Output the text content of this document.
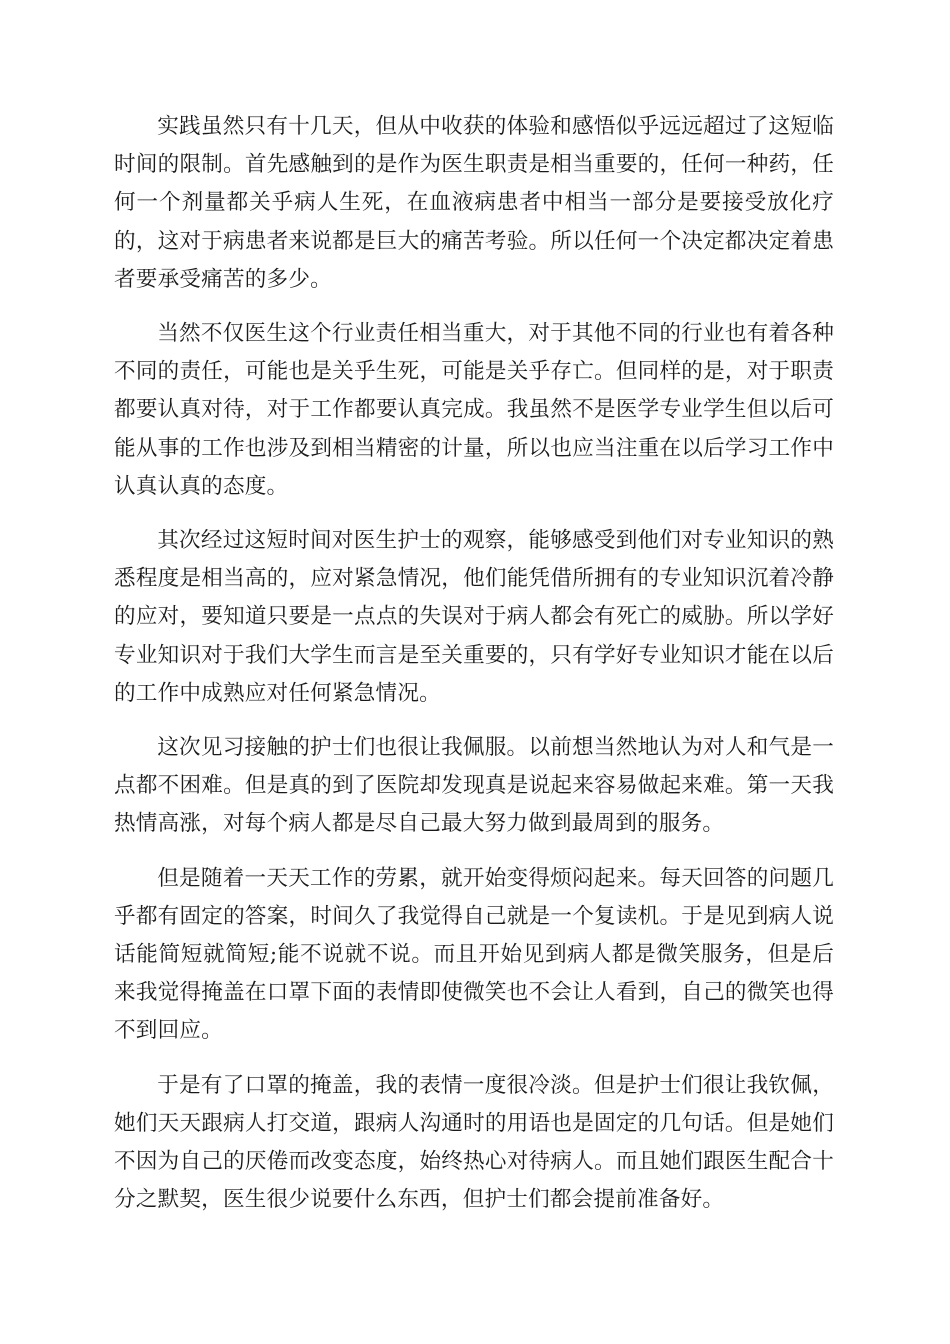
实践虽然只有十几天，但从中收获的体验和感悟似乎远远超过了这短临时间的限制。首先感触到的是作为医生职责是相当重要的，任何一种药，任何一个剂量都关乎病人生死，在血液病患者中相当一部分是要接受放化疗的，这对于病患者来说都是巨大的痛苦考验。所以任何一个决定都决定着患者要承受痛苦的多少。

当然不仅医生这个行业责任相当重大，对于其他不同的行业也有着各种不同的责任，可能也是关乎生死，可能是关乎存亡。但同样的是，对于职责都要认真对待，对于工作都要认真完成。我虽然不是医学专业学生但以后可能从事的工作也涉及到相当精密的计量，所以也应当注重在以后学习工作中认真认真的态度。

其次经过这短时间对医生护士的观察，能够感受到他们对专业知识的熟悉程度是相当高的，应对紧急情况，他们能凭借所拥有的专业知识沉着冷静的应对，要知道只要是一点点的失误对于病人都会有死亡的威胁。所以学好专业知识对于我们大学生而言是至关重要的，只有学好专业知识才能在以后的工作中成熟应对任何紧急情况。

这次见习接触的护士们也很让我佩服。以前想当然地认为对人和气是一点都不困难。但是真的到了医院却发现真是说起来容易做起来难。第一天我热情高涨，对每个病人都是尽自己最大努力做到最周到的服务。

但是随着一天天工作的劳累，就开始变得烦闷起来。每天回答的问题几乎都有固定的答案，时间久了我觉得自己就是一个复读机。于是见到病人说话能简短就简短;能不说就不说。而且开始见到病人都是微笑服务，但是后来我觉得掩盖在口罩下面的表情即使微笑也不会让人看到，自己的微笑也得不到回应。

于是有了口罩的掩盖，我的表情一度很冷淡。但是护士们很让我钦佩，她们天天跟病人打交道，跟病人沟通时的用语也是固定的几句话。但是她们不因为自己的厌倦而改变态度，始终热心对待病人。而且她们跟医生配合十分之默契，医生很少说要什么东西，但护士们都会提前准备好。
